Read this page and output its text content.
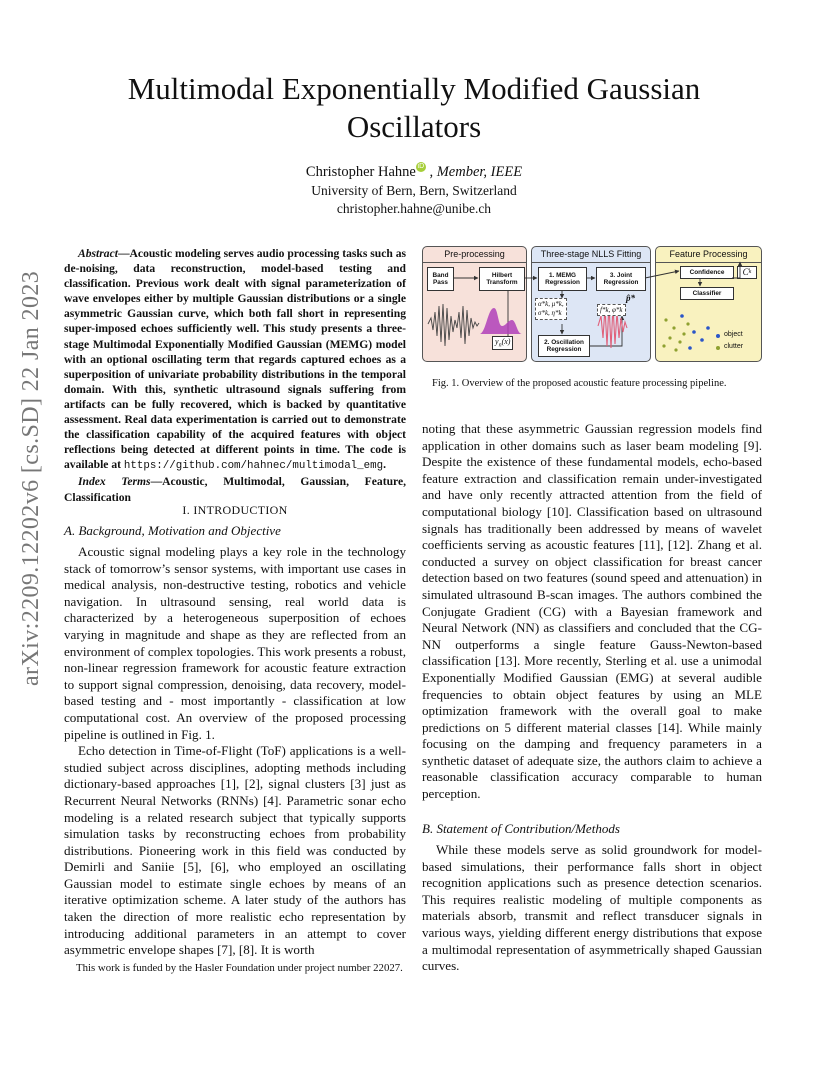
arXiv:2209.12202v6 [cs.SD] 22 Jan 2023
Multimodal Exponentially Modified Gaussian
Oscillators
Christopher Hahne iD , Member, IEEE
University of Bern, Bern, Switzerland
christopher.hahne@unibe.ch

Abstract—Acoustic modeling serves audio processing tasks such as de-noising, data reconstruction, model-based testing and classification. Previous work dealt with signal parameterization of wave envelopes either by multiple Gaussian distributions or a single asymmetric Gaussian curve, which both fall short in representing super-imposed echoes sufficiently well. This study presents a three-stage Multimodal Exponentially Modified Gaussian (MEMG) model with an optional oscillating term that regards captured echoes as a superposition of univariate probability distributions in the temporal domain. With this, synthetic ultrasound signals suffering from artifacts can be fully recovered, which is backed by quantitative assessment. Real data experimentation is carried out to demonstrate the classification capability of the acquired features with object reflections being detected at different points in time. The code is available at https://github.com/hahnec/multimodal_emg.

Index Terms—Acoustic, Multimodal, Gaussian, Feature, Classification

I. INTRODUCTION
A. Background, Motivation and Objective

Acoustic signal modeling plays a key role in the technology stack of tomorrow’s sensor systems, with important use cases in medical analysis, non-destructive testing, robotics and vehicle navigation. In ultrasound sensing, real world data is characterized by a heterogeneous superposition of echoes varying in magnitude and shape as they are reflected from an environment of complex topologies. This work presents a robust, non-linear regression framework for acoustic feature extraction to support signal compression, denoising, data recovery, model-based testing and - most importantly - classification at low computational cost. An overview of the proposed processing pipeline is outlined in Fig. 1.

Echo detection in Time-of-Flight (ToF) applications is a well-studied subject across disciplines, adopting methods including dictionary-based approaches [1], [2], signal clusters [3] just as Recurrent Neural Networks (RNNs) [4]. Parametric sonar echo modeling is a related research subject that typically supports simulation tasks by reconstructing echoes from probability distributions. Pioneering work in this field was conducted by Demirli and Saniie [5], [6], who employed an oscillating Gaussian model to estimate single echoes by means of an iterative optimization scheme. A later study of the authors has taken the direction of more realistic echo representation by introducing additional parameters in an attempt to cover asymmetric envelope shapes [7], [8]. It is worth

This work is funded by the Hasler Foundation under project number 22027.
Pre-processing
Band Pass
Hilbert Transform
Three-stage NLLS Fitting
1. MEMG Regression
3. Joint Regression
2. Oscillation Regression
Feature Processing
Confidence	C k
Classifier
$y_n(x)$
α*k, μ*k,
σ*k, η*k	f*k, φ*k
p̂*
object
clutter
Fig. 1. Overview of the proposed acoustic feature processing pipeline.

noting that these asymmetric Gaussian regression models find application in other domains such as laser beam modeling [9]. Despite the existence of these fundamental models, echo-based feature extraction and classification remain under-investigated and have only recently attracted attention from the field of computational biology [10]. Classification based on ultrasound signals has traditionally been addressed by means of wavelet coefficients serving as acoustic features [11], [12]. Zhang et al. conducted a survey on object classification for breast cancer detection based on two features (sound speed and attenuation) in simulated ultrasound B-scan images. The authors combined the Conjugate Gradient (CG) with a Bayesian framework and Neural Network (NN) as classifiers and concluded that the CG-NN outperforms a single feature Gauss-Newton-based classification [13]. More recently, Sterling et al. use a unimodal Exponentially Modified Gaussian (EMG) at several audible frequencies to obtain object features by using an MLE optimization framework with the overall goal to make predictions on 5 different material classes [14]. While mainly focusing on the damping and frequency parameters in a synthetic dataset of adequate size, the authors claim to achieve a reasonable classification accuracy comparable to human perception.

B. Statement of Contribution/Methods

While these models serve as solid groundwork for model-based simulations, their performance falls short in object recognition applications such as presence detection scenarios. This requires realistic modeling of multiple components as materials absorb, transmit and reflect transducer signals in various ways, yielding different energy distributions that expose a multimodal representation of asymmetrically shaped Gaussian curves.
